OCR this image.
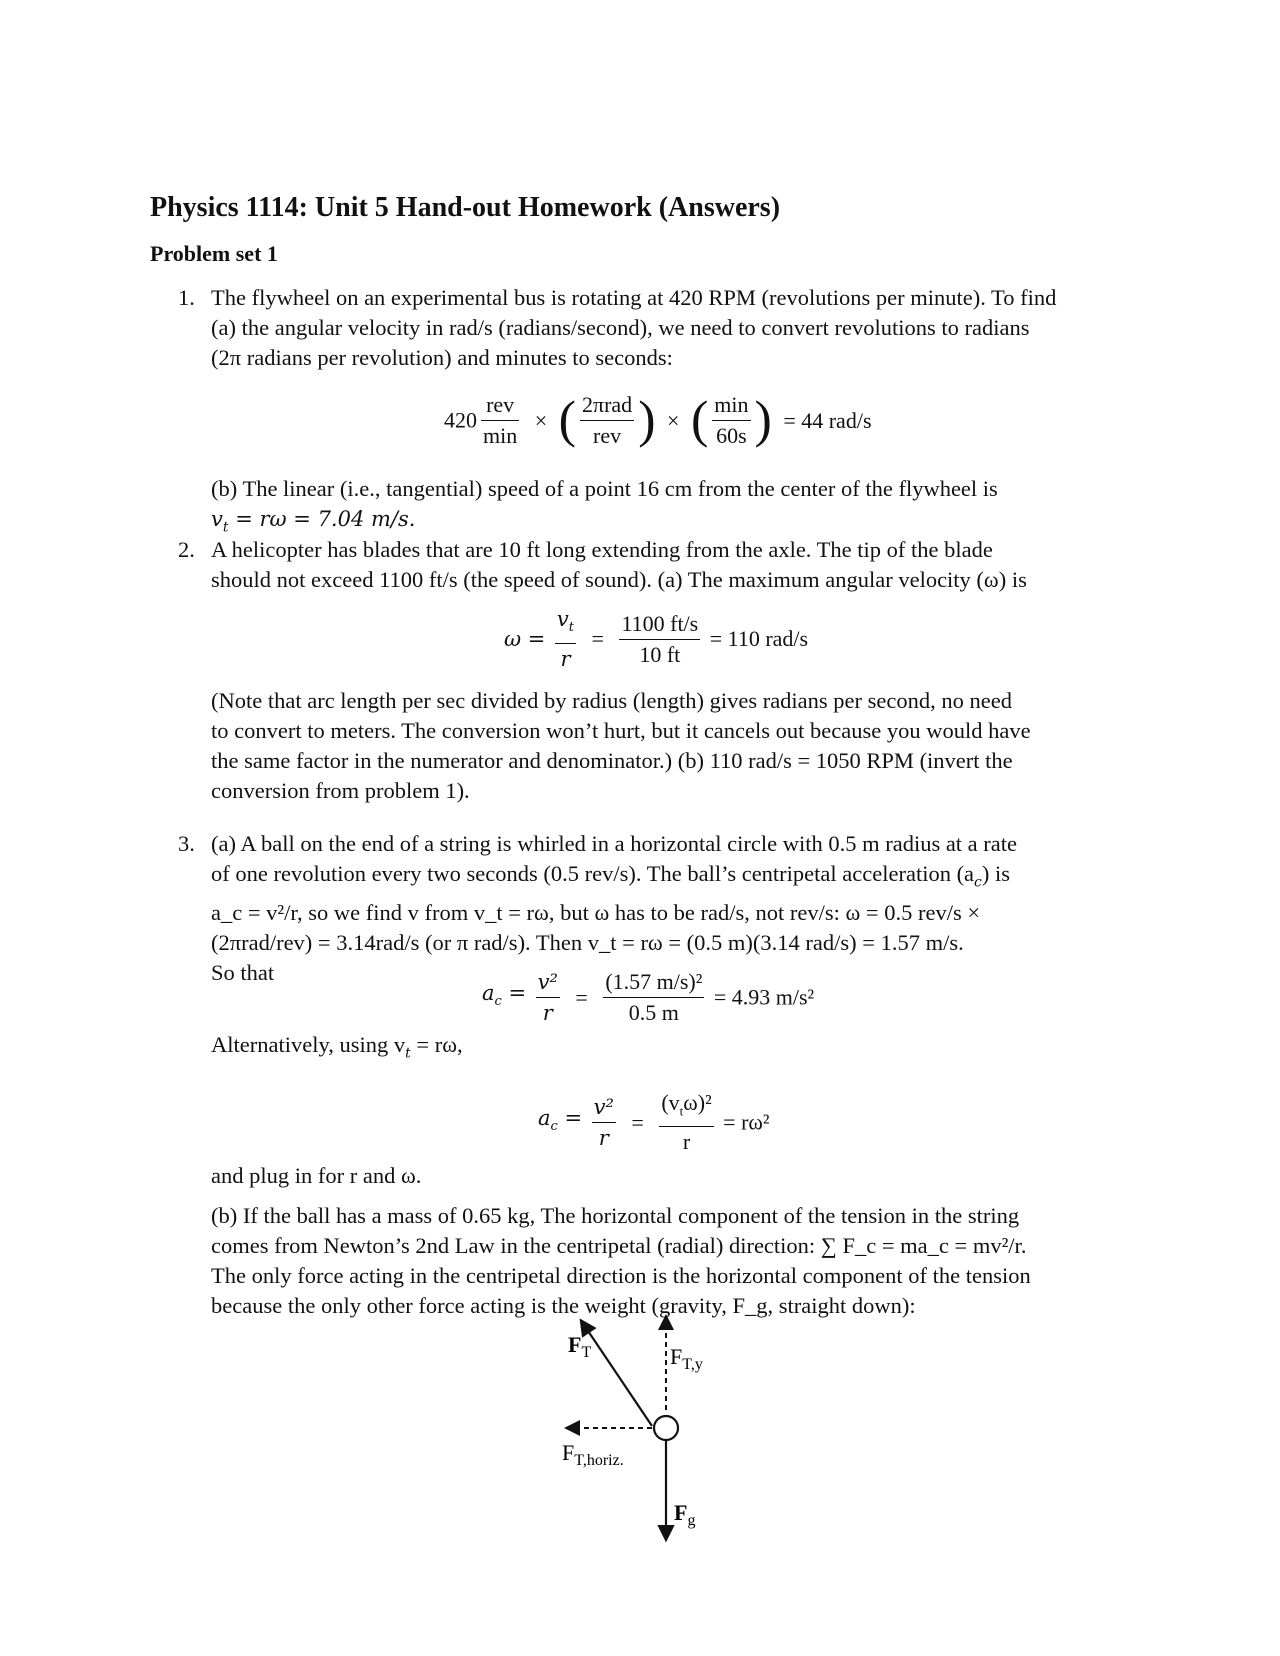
Physics 1114: Unit 5 Hand-out Homework (Answers)
Problem set 1
1. The flywheel on an experimental bus is rotating at 420 RPM (revolutions per minute). To find
(a) the angular velocity in rad/s (radians/second), we need to convert revolutions to radians
(2π radians per revolution) and minutes to seconds:
$420 \frac{\text{rev}}{\min}$ × ( $\frac{\text{2πrad}}{\text{rev}}$ ) × ( $\frac{\min}{60s}$ ) = 44 rad/s
(b) The linear (i.e., tangential) speed of a point 16 cm from the center of the flywheel is
$v_t = r\omega = 7.04$ m/s.
2. A helicopter has blades that are 10 ft long extending from the axle. The tip of the blade
should not exceed 1100 ft/s (the speed of sound). (a) The maximum angular velocity (ω) is
$\omega = \frac{v_t}{r} = \frac{1100 ft/s}{10 ft} = 110$ rad/s
(Note that arc length per sec divided by radius (length) gives radians per second, no need
to convert to meters. The conversion won’t hurt, but it cancels out because you would have
the same factor in the numerator and denominator.) (b) 110 rad/s = 1050 RPM (invert the
conversion from problem 1).
3. (a) A ball on the end of a string is whirled in a horizontal circle with 0.5 m radius at a rate
of one revolution every two seconds (0.5 rev/s). The ball’s centripetal acceleration $(a_c)$ is
a_c = v²/r, so we find v from v_t = rω, but ω has to be rad/s, not rev/s: ω = 0.5 rev/s ×
(2πrad/rev) = 3.14rad/s (or π rad/s). Then v_t = rω = (0.5 m)(3.14 rad/s) = 1.57 m/s.
So that
$a_c = \frac{\text{v²}}{r} = \frac{\text{(1.57 m/s)²}}{0.5 m} = 4.93$ m/s²
Alternatively, using $v_t = r\omega$,
$a_c = \frac{\text{v²}}{r} = \frac{(v_t\omega)^2}{r} = r\omega^2$
and plug in for r and ω.
(b) If the ball has a mass of 0.65 kg, The horizontal component of the tension in the string
comes from Newton’s 2nd Law in the centripetal (radial) direction: ∑ F_c = ma_c = mv²/r.
The only force acting in the centripetal direction is the horizontal component of the tension
because the only other force acting is the weight (gravity, F_g, straight down):
$F_T$	$F_{T,y}$
$F_{T,horiz.}$
$F_g$
